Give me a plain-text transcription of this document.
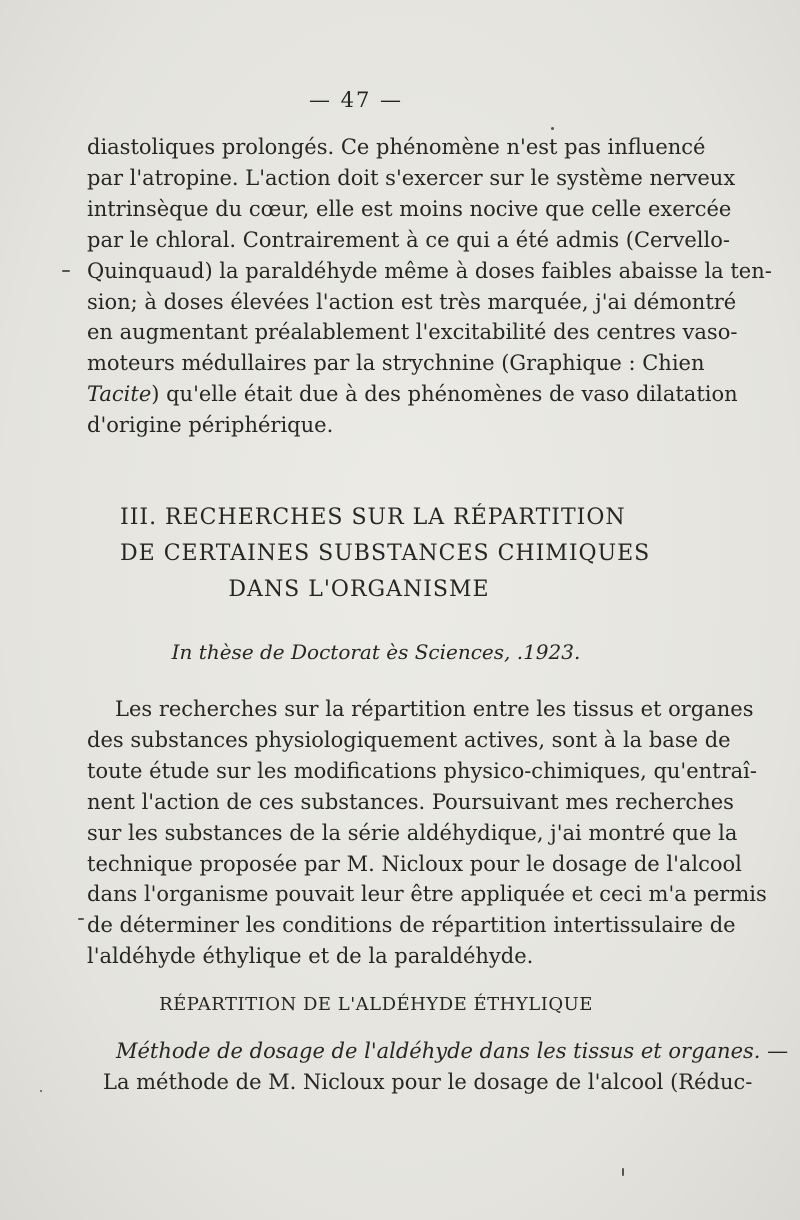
— 47 —

diastoliques prolongés. Ce phénomène n'est pas influencé
par l'atropine. L'action doit s'exercer sur le système nerveux
intrinsèque du cœur, elle est moins nocive que celle exercée
par le chloral. Contrairement à ce qui a été admis (Cervello-
Quinquaud) la paraldéhyde même à doses faibles abaisse la ten-
sion; à doses élevées l'action est très marquée, j'ai démontré
en augmentant préalablement l'excitabilité des centres vaso-
moteurs médullaires par la strychnine (Graphique : Chien
Tacite) qu'elle était due à des phénomènes de vaso dilatation
d'origine périphérique.

III. RECHERCHES SUR LA RÉPARTITION
DE CERTAINES SUBSTANCES CHIMIQUES
DANS L'ORGANISME
In thèse de Doctorat ès Sciences, .1923.

Les recherches sur la répartition entre les tissus et organes
des substances physiologiquement actives, sont à la base de
toute étude sur les modifications physico-chimiques, qu'entraî-
nent l'action de ces substances. Poursuivant mes recherches
sur les substances de la série aldéhydique, j'ai montré que la
technique proposée par M. Nicloux pour le dosage de l'alcool
dans l'organisme pouvait leur être appliquée et ceci m'a permis
de déterminer les conditions de répartition intertissulaire de
l'aldéhyde éthylique et de la paraldéhyde.

RÉPARTITION DE L'ALDÉHYDE ÉTHYLIQUE
Méthode de dosage de l'aldéhyde dans les tissus et organes. —
La méthode de M. Nicloux pour le dosage de l'alcool (Réduc-
